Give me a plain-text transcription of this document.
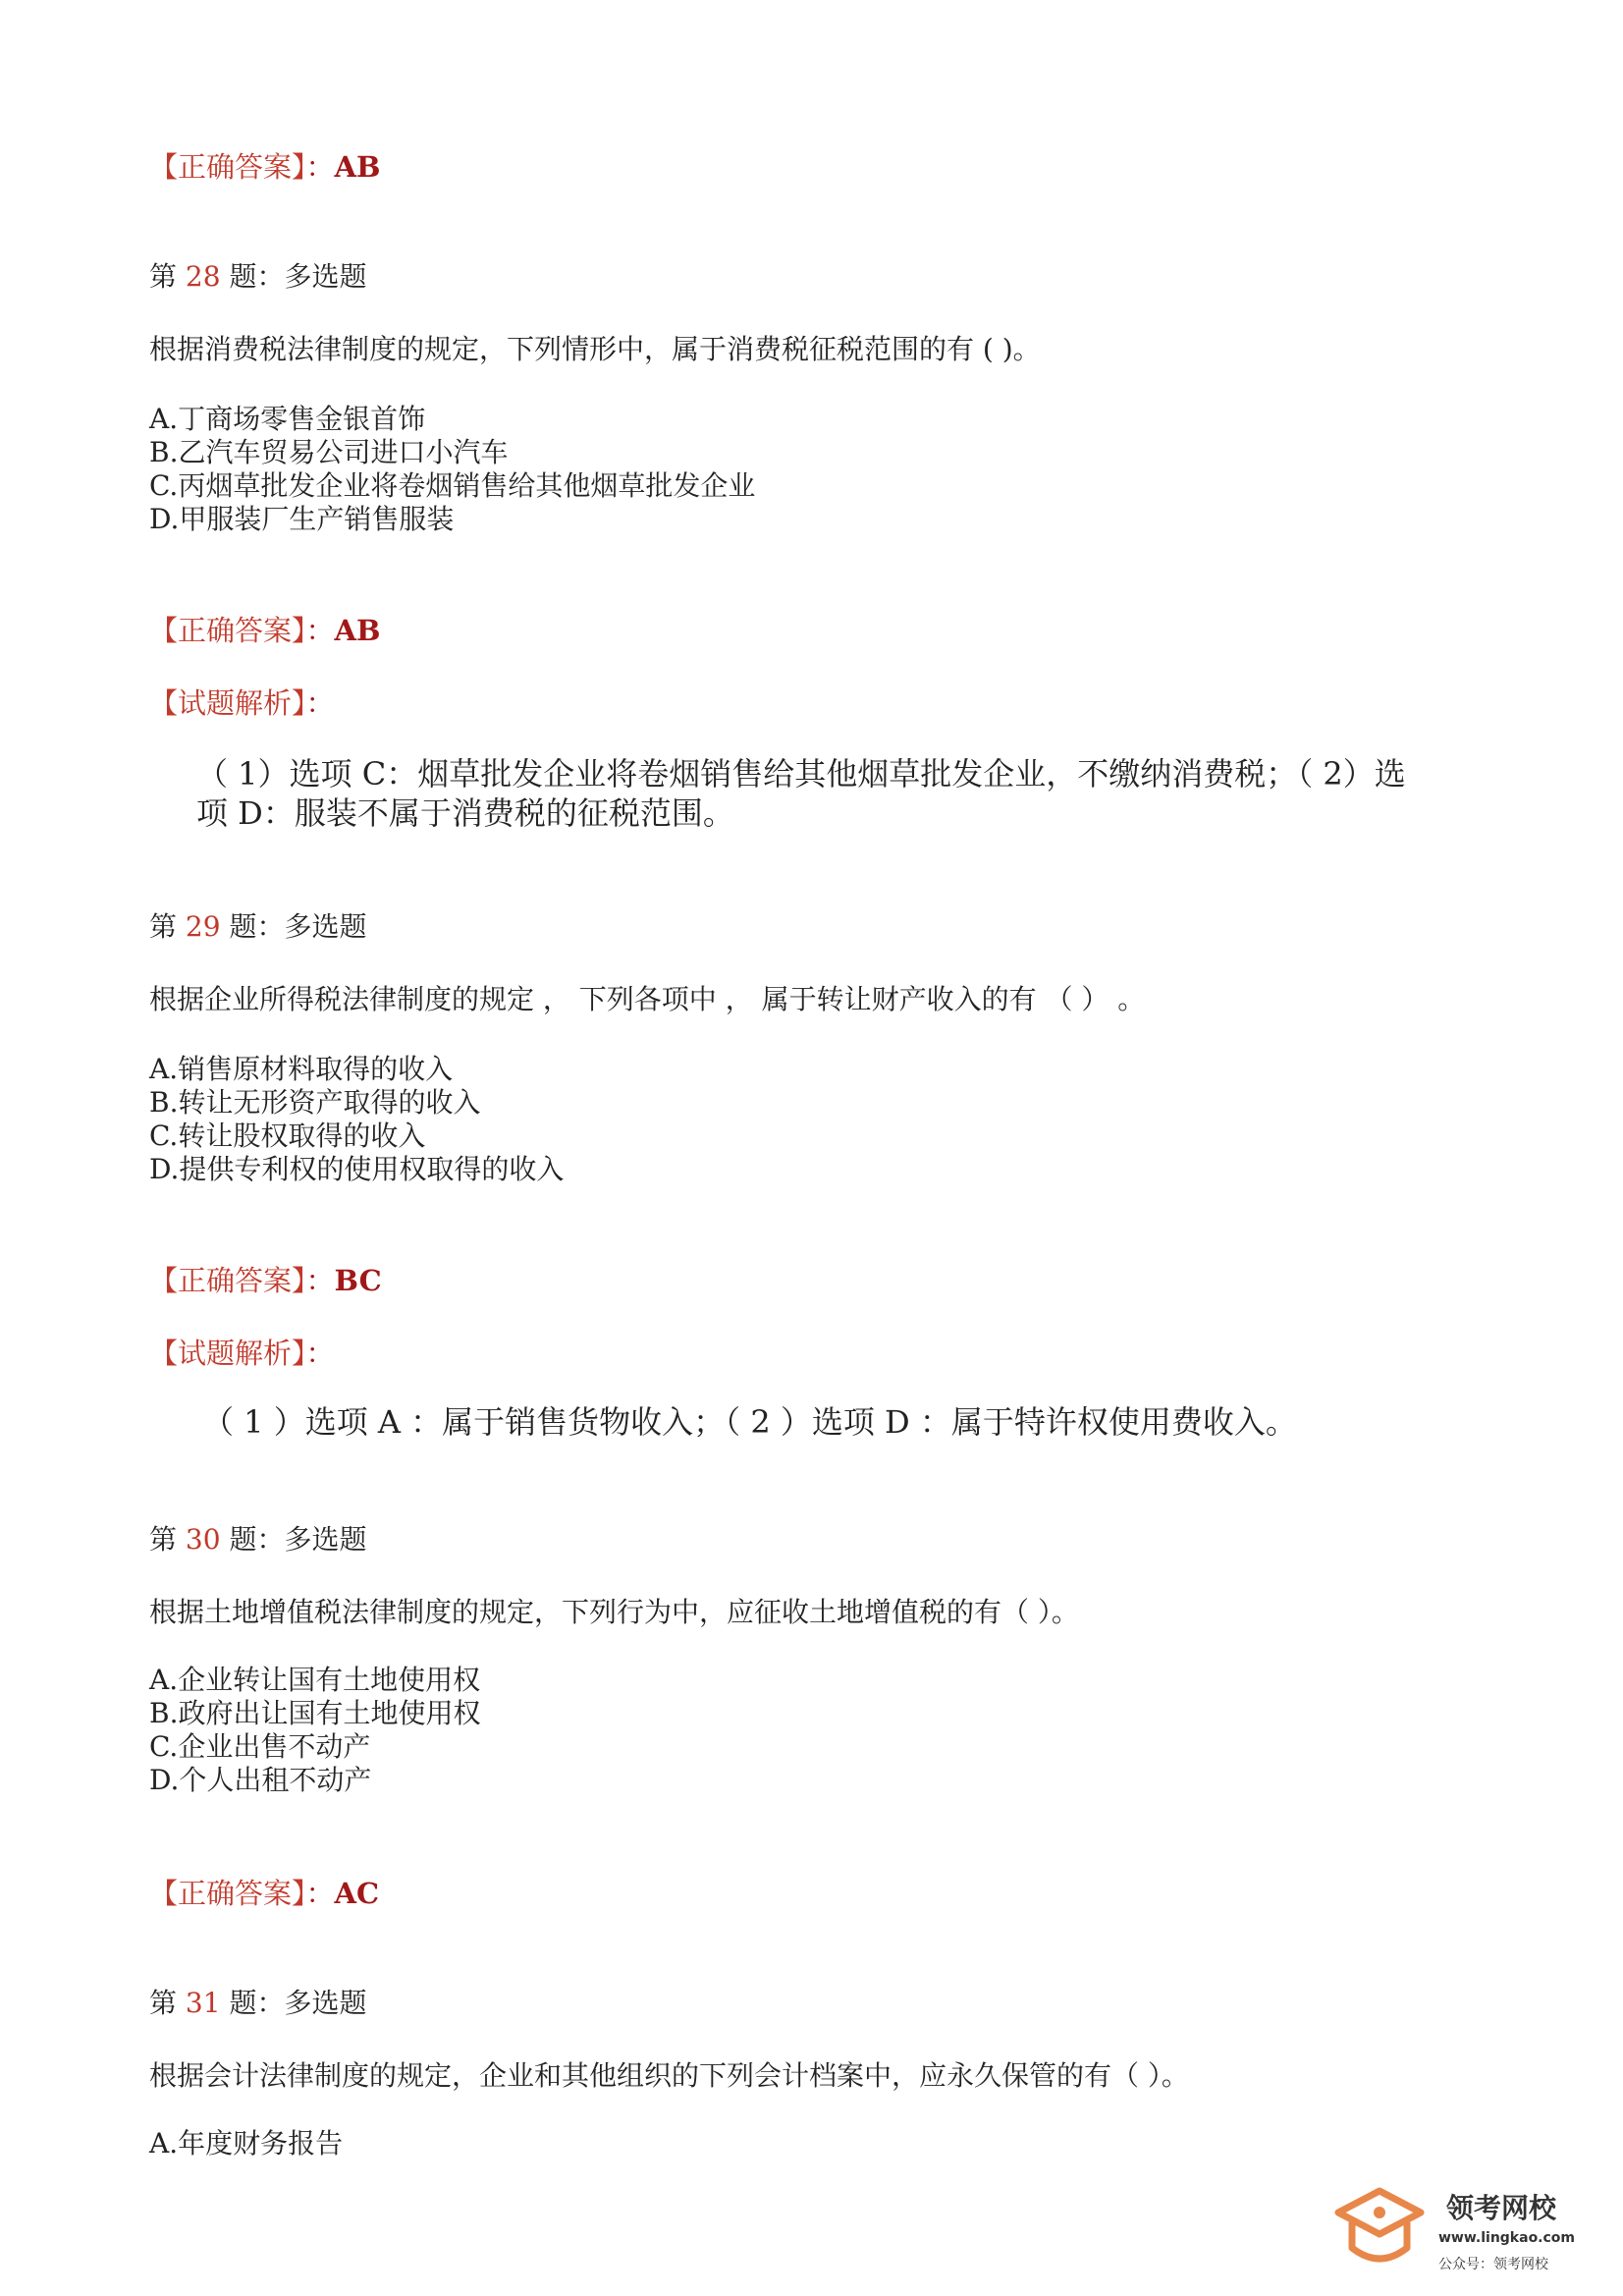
【正确答案】：AB
第 28 题：多选题
根据消费税法律制度的规定，下列情形中，属于消费税征税范围的有 ( )。
A.丁商场零售金银首饰
B.乙汽车贸易公司进口小汽车
C.丙烟草批发企业将卷烟销售给其他烟草批发企业
D.甲服装厂生产销售服装
【正确答案】：AB
【试题解析】：
（ 1）选项 C：烟草批发企业将卷烟销售给其他烟草批发企业，不缴纳消费税；（ 2）选
项 D：服装不属于消费税的征税范围。
第 29 题：多选题
根据企业所得税法律制度的规定 ， 下列各项中 ， 属于转让财产收入的有 （ ） 。
A.销售原材料取得的收入
B.转让无形资产取得的收入
C.转让股权取得的收入
D.提供专利权的使用权取得的收入
【正确答案】：BC
【试题解析】：
（ 1 ）选项 A ：属于销售货物收入；（ 2 ）选项 D ：属于特许权使用费收入。
第 30 题：多选题
根据土地增值税法律制度的规定，下列行为中，应征收土地增值税的有（ ）。
A.企业转让国有土地使用权
B.政府出让国有土地使用权
C.企业出售不动产
D.个人出租不动产
【正确答案】：AC
第 31 题：多选题
根据会计法律制度的规定，企业和其他组织的下列会计档案中，应永久保管的有（ ）。
A.年度财务报告
领考网校
www.lingkao.com
公众号：领考网校
